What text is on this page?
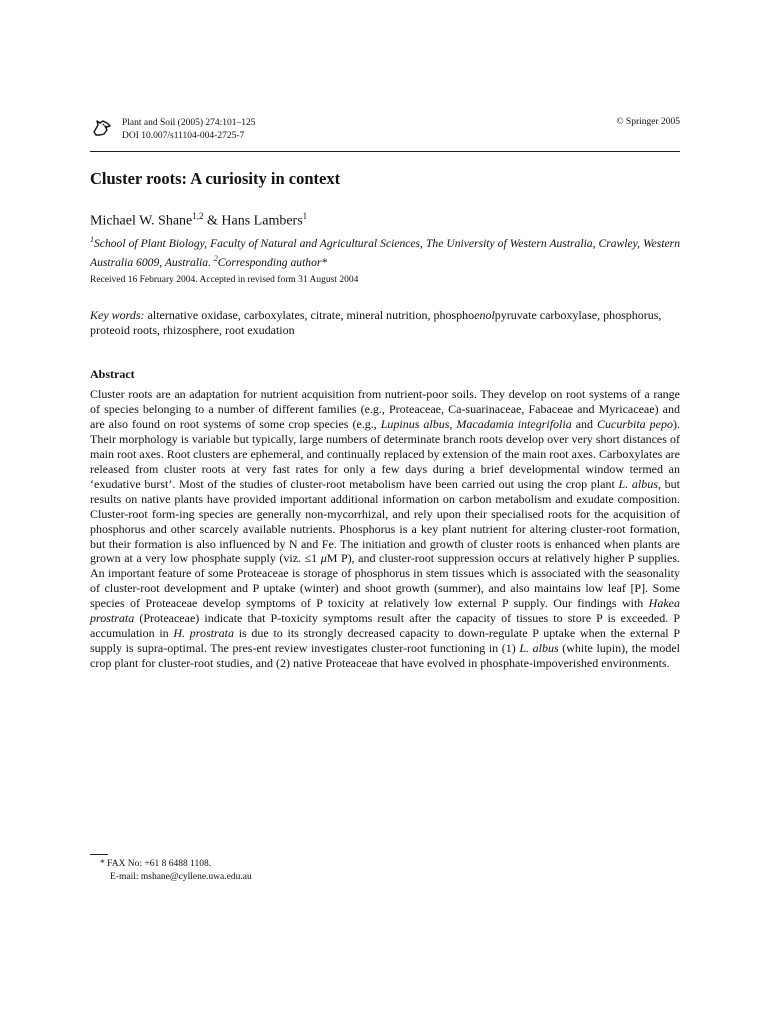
Plant and Soil (2005) 274:101–125
DOI 10.007/s11104-004-2725-7
© Springer 2005
Cluster roots: A curiosity in context
Michael W. Shane$^{1,2}$ & Hans Lambers$^1$
$^1$School of Plant Biology, Faculty of Natural and Agricultural Sciences, The University of Western Australia, Crawley, Western Australia 6009, Australia. $^2$Corresponding author*
Received 16 February 2004. Accepted in revised form 31 August 2004
Key words: alternative oxidase, carboxylates, citrate, mineral nutrition, phosphoenolpyruvate carboxylase, phosphorus, proteoid roots, rhizosphere, root exudation
Abstract

Cluster roots are an adaptation for nutrient acquisition from nutrient-poor soils. They develop on root systems of a range of species belonging to a number of different families (e.g., Proteaceae, Ca-suarinaceae, Fabaceae and Myricaceae) and are also found on root systems of some crop species (e.g., Lupinus albus, Macadamia integrifolia and Cucurbita pepo). Their morphology is variable but typically, large numbers of determinate branch roots develop over very short distances of main root axes. Root clusters are ephemeral, and continually replaced by extension of the main root axes. Carboxylates are released from cluster roots at very fast rates for only a few days during a brief developmental window termed an ‘exudative burst’. Most of the studies of cluster-root metabolism have been carried out using the crop plant L. albus, but results on native plants have provided important additional information on carbon metabolism and exudate composition. Cluster-root form-ing species are generally non-mycorrhizal, and rely upon their specialised roots for the acquisition of phosphorus and other scarcely available nutrients. Phosphorus is a key plant nutrient for altering cluster-root formation, but their formation is also influenced by N and Fe. The initiation and growth of cluster roots is enhanced when plants are grown at a very low phosphate supply (viz. ≤1 μM P), and cluster-root suppression occurs at relatively higher P supplies. An important feature of some Proteaceae is storage of phosphorus in stem tissues which is associated with the seasonality of cluster-root development and P uptake (winter) and shoot growth (summer), and also maintains low leaf [P]. Some species of Proteaceae develop symptoms of P toxicity at relatively low external P supply. Our findings with Hakea prostrata (Proteaceae) indicate that P-toxicity symptoms result after the capacity of tissues to store P is exceeded. P accumulation in H. prostrata is due to its strongly decreased capacity to down-regulate P uptake when the external P supply is supra-optimal. The pres-ent review investigates cluster-root functioning in (1) L. albus (white lupin), the model crop plant for cluster-root studies, and (2) native Proteaceae that have evolved in phosphate-impoverished environments.

* FAX No: +61 8 6488 1108.
E-mail: mshane@cyllene.uwa.edu.au
